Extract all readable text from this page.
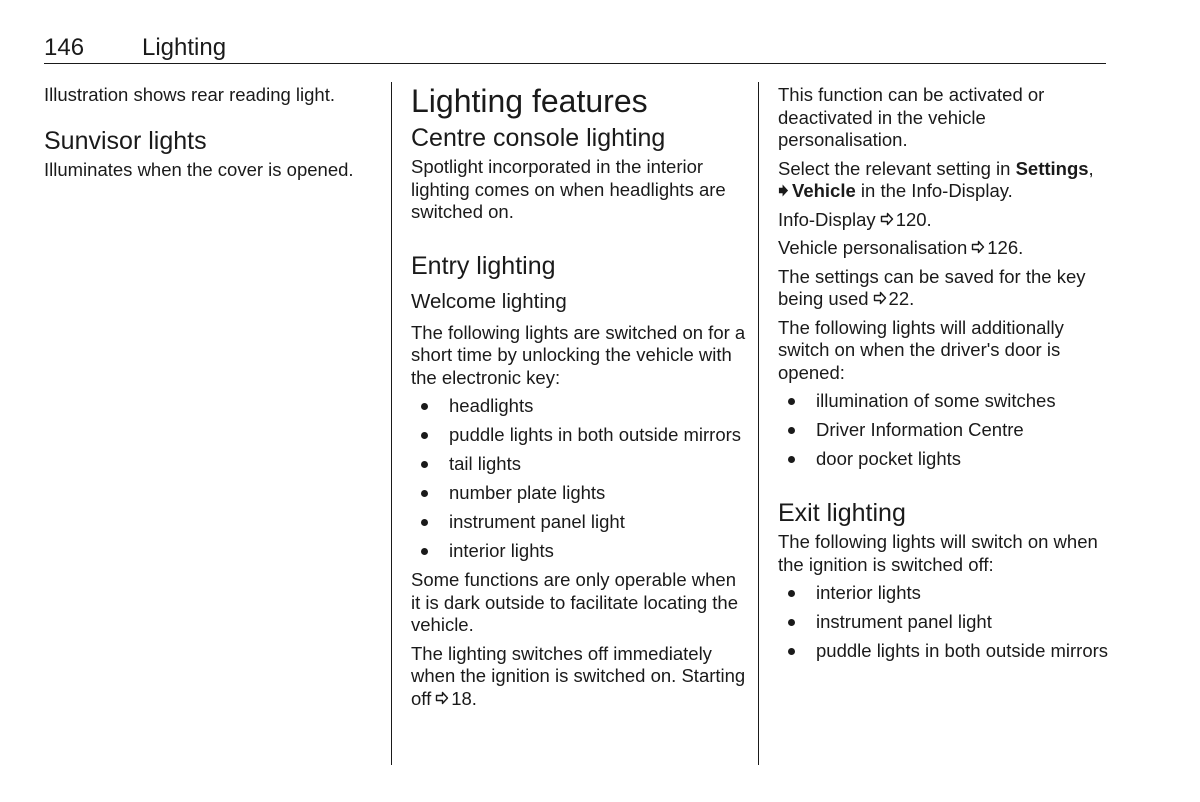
146 Lighting

Illustration shows rear reading light.

Sunvisor lights

Illuminates when the cover is opened.

Lighting features
Centre console lighting

Spotlight incorporated in the interior lighting comes on when headlights are switched on.

Entry lighting
Welcome lighting

The following lights are switched on for a short time by unlocking the vehicle with the electronic key:

headlights
puddle lights in both outside mirrors
tail lights
number plate lights
instrument panel light
interior lights

Some functions are only operable when it is dark outside to facilitate locating the vehicle.

The lighting switches off immediately when the ignition is switched on. Starting off 18.

This function can be activated or deactivated in the vehicle personalisation.

Select the relevant setting in Settings,
Vehicle in the Info-Display.

Info-Display 120.

Vehicle personalisation 126.

The settings can be saved for the key being used 22.

The following lights will additionally switch on when the driver's door is opened:

illumination of some switches
Driver Information Centre
door pocket lights
Exit lighting

The following lights will switch on when the ignition is switched off:

interior lights
instrument panel light
puddle lights in both outside mirrors
